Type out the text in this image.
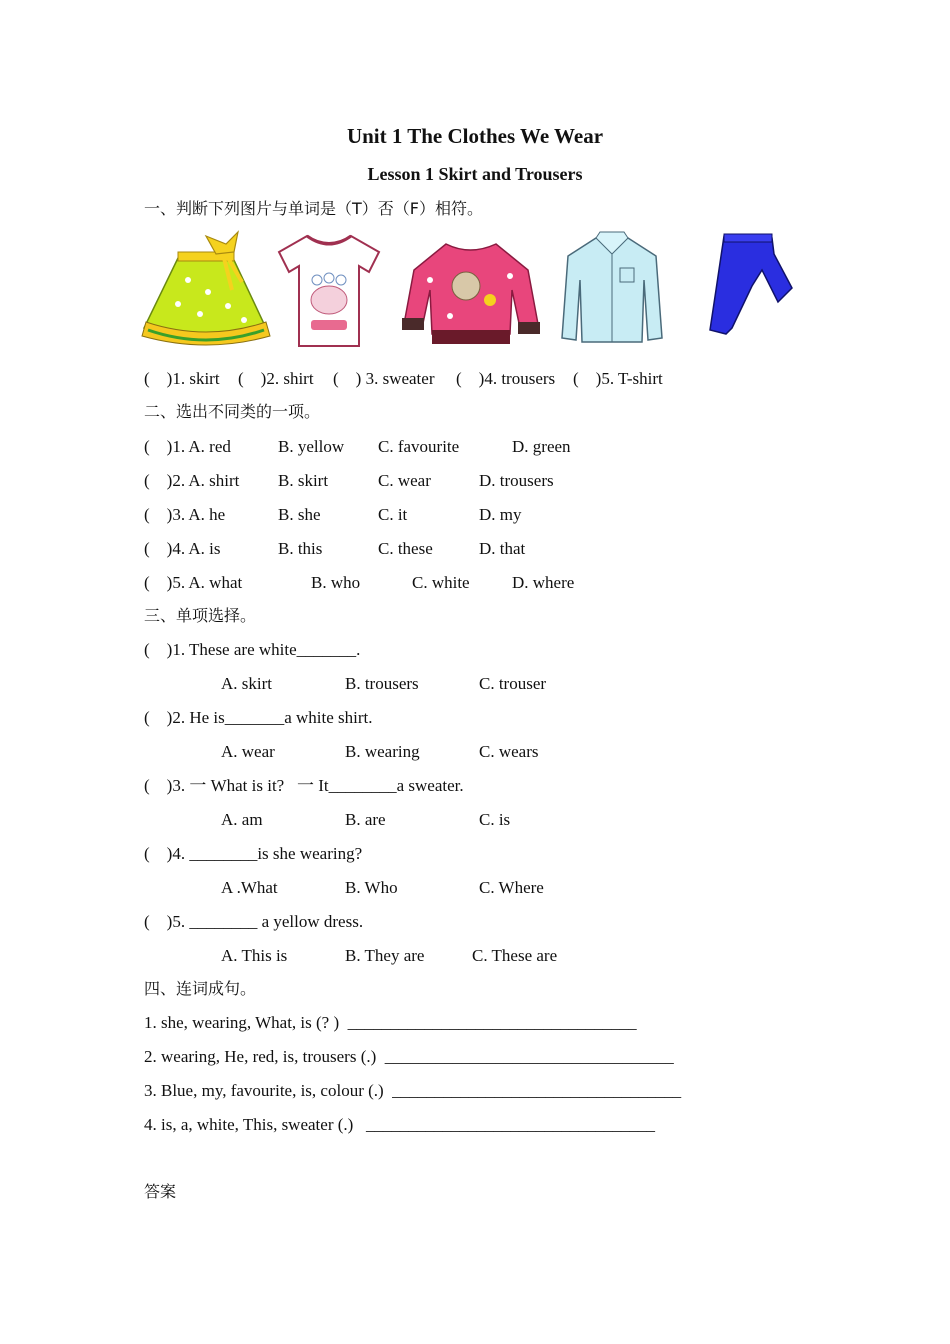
Unit 1 The Clothes We Wear
Lesson 1 Skirt and Trousers
一、判断下列图片与单词是（T）否（F）相符。
(    )1. skirt (    )2. shirt (    ) 3. sweater (    )4. trousers (    )5. T-shirt
二、选出不同类的一项。
(    )1. A. red	B. yellow C. favourite	D. green
(    )2. A. shirt B. skirt	C. wear	D. trousers
(    )3. A. he	B. she	C. it	D. my
(    )4. A. is	B. this	C. these	D. that
(    )5. A. what	B. who	C. white D. where
三、单项选择。
(    )1. These are white_______.
A. skirt	B. trousers	C. trouser
(    )2. He is_______a white shirt.
A. wear	B. wearing	C. wears
(    )3. 一 What is it?   一 It________a sweater.
A. am	B. are	C. is
(    )4. ________is she wearing?
A .What	B. Who	C. Where
(    )5. ________ a yellow dress.
A. This is	B. They are	C. These are
四、连词成句。
1. she, wearing, What, is (? )  __________________________________
2. wearing, He, red, is, trousers (.)  __________________________________
3. Blue, my, favourite, is, colour (.)  __________________________________
4. is, a, white, This, sweater (.)   __________________________________
答案
